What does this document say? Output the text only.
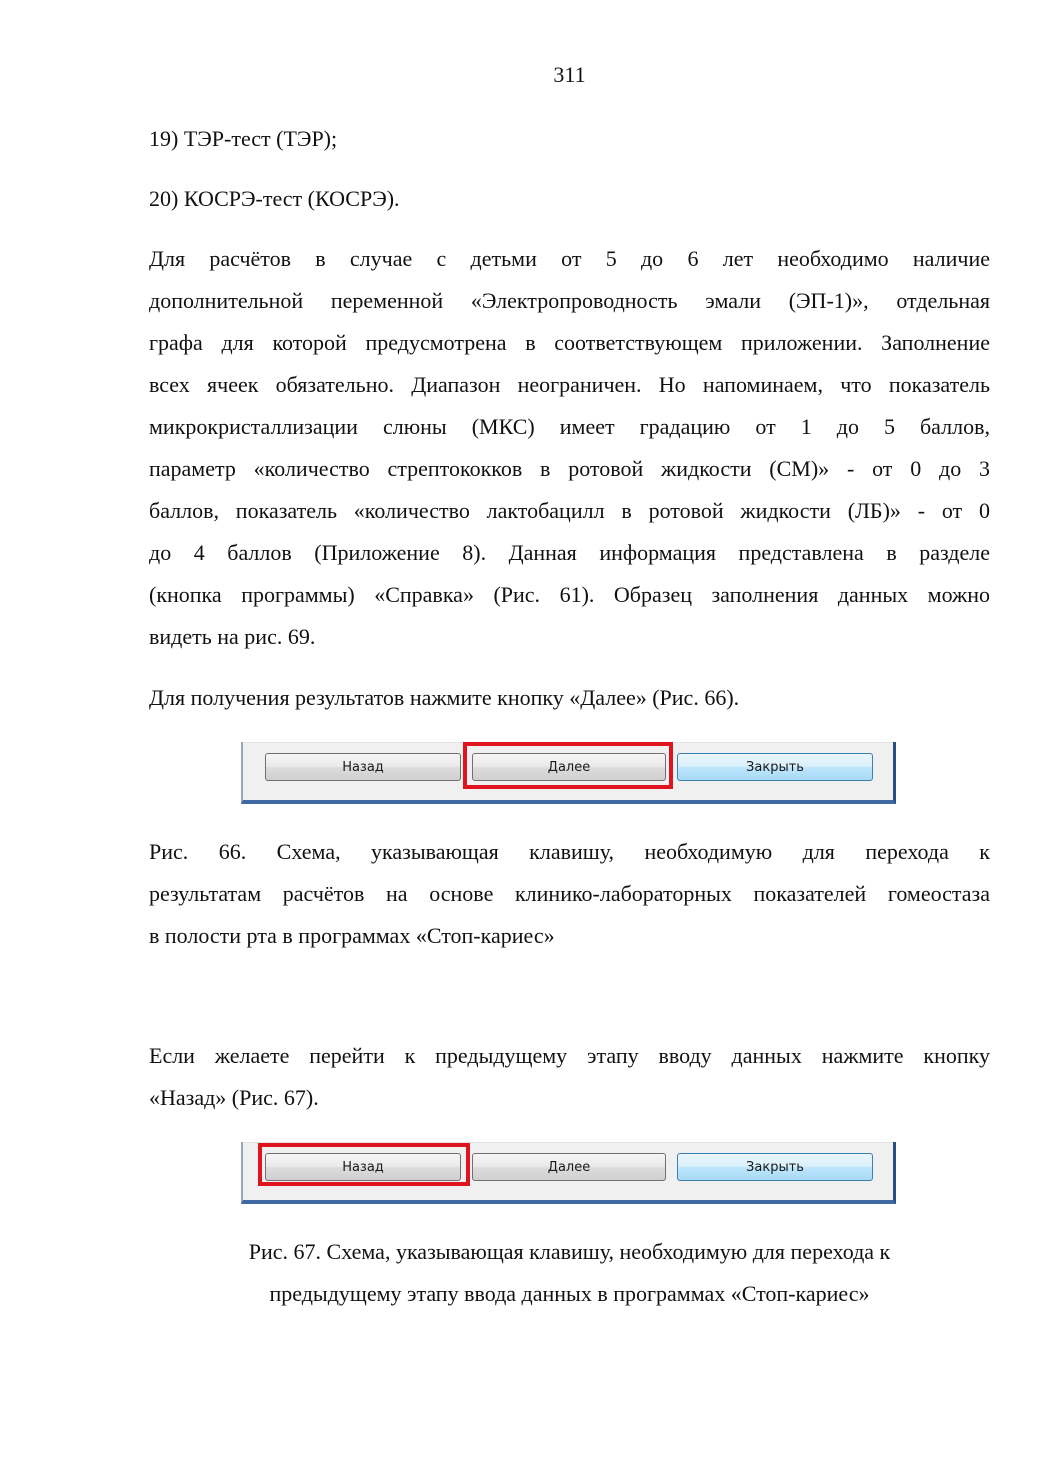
311
19) ТЭР-тест (ТЭР);
20) КОСРЭ-тест (КОСРЭ).
Для расчётов в случае с детьми от 5 до 6 лет необходимо наличие
дополнительной переменной «Электропроводность эмали (ЭП-1)», отдельная
графа для которой предусмотрена в соответствующем приложении. Заполнение
всех ячеек обязательно. Диапазон неограничен. Но напоминаем, что показатель
микрокристаллизации слюны (МКС) имеет градацию от 1 до 5 баллов,
параметр «количество стрептококков в ротовой жидкости (СМ)» - от 0 до 3
баллов, показатель «количество лактобацилл в ротовой жидкости (ЛБ)» - от 0
до 4 баллов (Приложение 8). Данная информация представлена в разделе
(кнопка программы) «Справка» (Рис. 61). Образец заполнения данных можно
видеть на рис. 69.
Для получения результатов нажмите кнопку «Далее» (Рис. 66).
Назад	Далее	Закрыть
Рис. 66. Схема, указывающая клавишу, необходимую для перехода к
результатам расчётов на основе клинико-лабораторных показателей гомеостаза
в полости рта в программах «Стоп-кариес»
Если желаете перейти к предыдущему этапу вводу данных нажмите кнопку
«Назад» (Рис. 67).
Назад	Далее	Закрыть
Рис. 67. Схема, указывающая клавишу, необходимую для перехода к
предыдущему этапу ввода данных в программах «Стоп-кариес»
